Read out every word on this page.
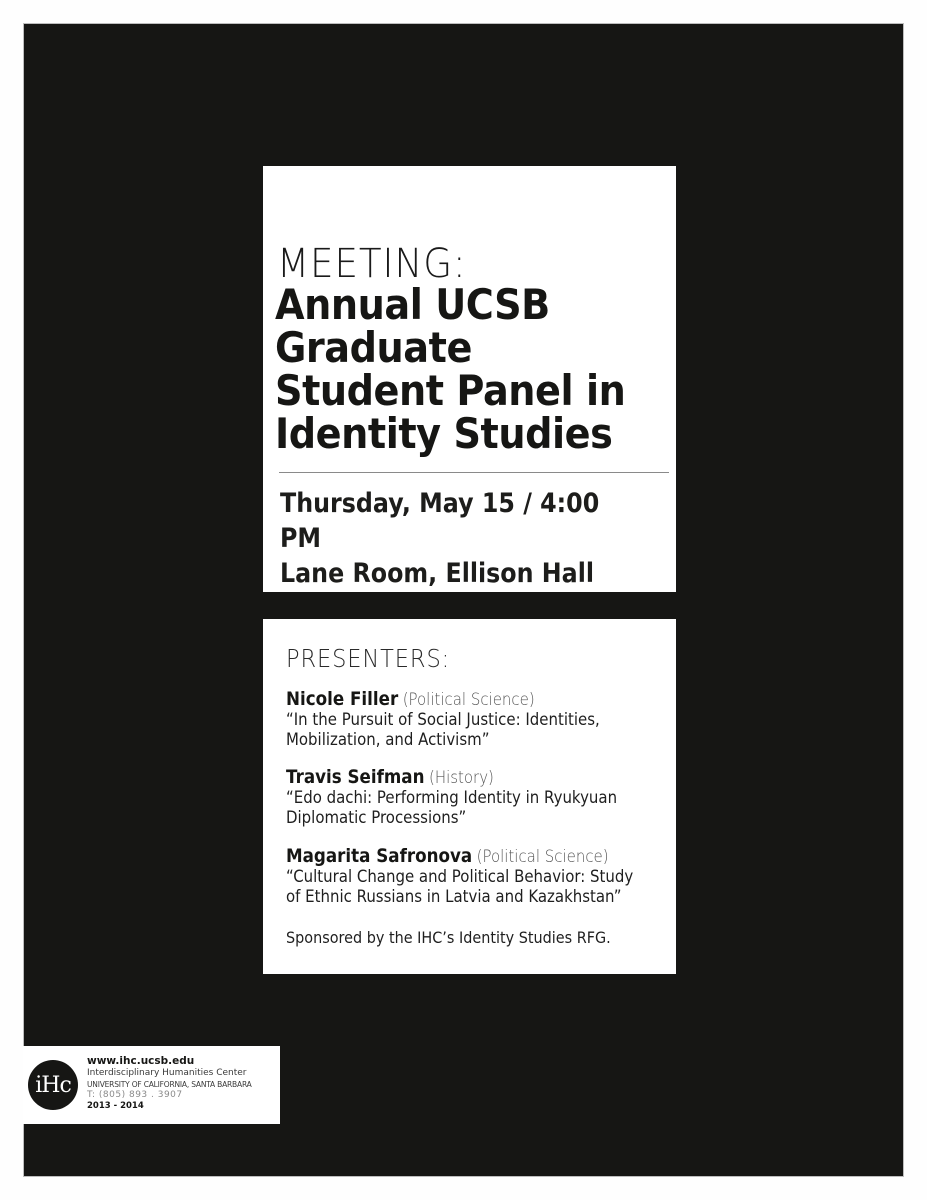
MEETING:
Annual UCSB
Graduate
Student Panel in
Identity Studies
Thursday, May 15 / 4:00 PM
Lane Room, Ellison Hall
PRESENTERS:
Nicole Filler (Political Science)
“In the Pursuit of Social Justice: Identities,
Mobilization, and Activism”
Travis Seifman (History)
“Edo dachi: Performing Identity in Ryukyuan
Diplomatic Processions”
Magarita Safronova (Political Science)
“Cultural Change and Political Behavior: Study
of Ethnic Russians in Latvia and Kazakhstan”
Sponsored by the IHC’s Identity Studies RFG.
iHc
www.ihc.ucsb.edu
Interdisciplinary Humanities Center
UNIVERSITY OF CALIFORNIA, SANTA BARBARA
T: (805) 893 . 3907
2013 - 2014
